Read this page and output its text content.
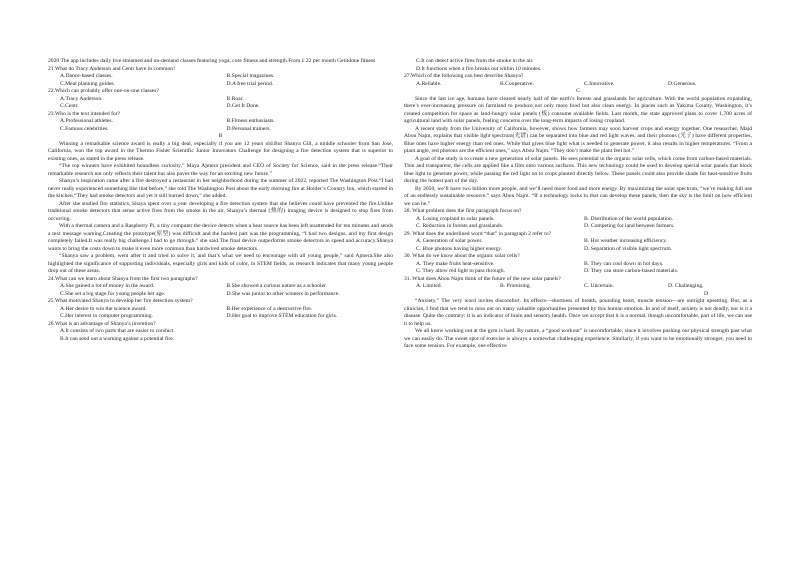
2020 The app includes daily live streamed and on-demand classes featuring yoga, core fitness and strength.From £ 22 per month Getitdone fitness

21.What do Tracy Anderson and Centr have in common?

A.Dance-based classes.	B.Special magazines.
C.Meal planning guides.	D.A free trial period.

22.Which can probably offer one-on-one classes?

A.Tracy Anderson.	B.Roar.
C.Centr.	D.Get It Done.

23.Who is the text intended for?

A.Professional athletes.	B.Fitness enthusiasts.
C.Famous celebrities.	D.Personal trainers.

B

Winning a remarkable science award is really a big deal, especially if you are 12 years old.But Shanya Gill, a middle schooler from San Jose, California, won the top award in the Thermo Fisher Scientific Junior Innovators Challenge for designing a fire detection system that is superior to existing ones, as stated in the press release.

“The top winners have exhibited boundless curiosity,” Maya Ajmera president and CEO of Society for Science, said in the press release.“Their remarkable research not only reflects their talent but also paves the way for an exciting new future.”

Shanya’s inspiration came after a fire destroyed a restaurant in her neighborhood during the summer of 2022, reported The Washington Post.“I had never really experienced something like that before,” she told The Washington Post about the early morning fire at Holder’s Country Inn, which started in the kitchen.“They had smoke detectors and yet it still burned down,” she added.

After she studied fire statistics, Shaya spent over a year developing a fire detection system that she believes could have prevented the fire.Unlike traditional smoke detectors that sense active fires from the smoke in the air, Shanya’s thermal (热的) imaging device is designed to stop fires from occurring.

With a thermal camera and a Raspberry Pi, a tiny computer the device detects when a heat source has been left unattended for ten minutes and sends a text message warning.Creating the prototype(原型) was difficult and the hardest part was the programming, “I had two designs, and my first design completely failed.It was really big challenge.I had to go through.” she said.The final device outperforms smoke detectors in speed and accuracy.Shanya wants to bring the costs down to make it even more common than hardwired smoke detectors.

“Shanya saw a problem, went after it and tried to solve it, and that’s what we need to encourage with all young people,” said Ajmera.She also highlighted the significance of supporting individuals, especially girls and kids of color, in STEM fields, as research indicates that many young people drop out of these areas.

24.What can we learn about Shanya from the first two paragraphs?

A.She gained a lot of money in the award.	B.She showed a curious nature as a schooler.
C.She set a big stage for young people her age.	D.She was junior to other winners in performance.

25.What motivated Shanya to develop her fire detection system?

A.Her desire to win the science award.	B.Her experience of a destructive fire.
C.Her interest in computer programming.	D.Her goal to improve STEM education for girls.

26.What is an advantage of Shanya’s invention?

A.It consists of two parts that are easier to conduct.
B.It can send out a warning against a potential fire.
C.It can detect active fires from the smoke in the air.
D.It functions when a fire breaks out within 10 minutes.

27.Which of the following can best describe Shanya?

A.Reliable.	B.Cooperative.	C.Innovative.	D.Generous.

C

Since the last ice age, humans have cleared nearly half of the earth’s forests and grasslands for agriculture. With the world population expanding, there’s ever-increasing pressure on farmland to produce not only more food but also clean energy. In places such as Yakima County, Washington, it’s created competition for space as land-hungry solar panels (板) consume available fields. Last month, the state approved plans to cover 1,700 acres of agricultural land with solar panels, fueling concerns over the long-term impacts of losing cropland.

A recent study from the University of California, however, shows how farmers may soon harvest crops and energy together. One researcher, Majd Abou Najm, explains that visible light spectrum(光谱) can be separated into blue and red light waves, and their photons (光子) have different properties. Blue ones have higher energy than red ones. While that gives blue light what is needed to generate power, it also results in higher temperatures. “From a plant angle, red photons are the efficient ones,” says Abou Najm. “They don’t make the plant feel hot.”

A goal of the study is to create a new generation of solar panels. He sees potential in the organic solar cells, which come from carbon-based materials. Thin and transparent, the cells are applied like a film onto various surfaces. This new technology could be used to develop special solar panels that block blue light to generate power, while passing the red light on to crops planted directly below. These panels could also provide shade for heat-sensitive fruits during the hottest part of the day.

By 2050, we’ll have two billion more people, and we’ll need more food and more energy. By maximizing the solar spectrum, “we’re making full use of an endlessly sustainable resource,” says Abou Najm. “If a technology locks in that can develop these panels, then the sky is the limit on how efficient we can be.”

28. What problem does the first paragraph focus on?

A. Losing cropland to solar panels.	B. Distribution of the world population.
C. Reduction in forests and grasslands.	D. Competing for land between farmers.

29. What does the underlined word “that” in paragraph 2 refer to?

A. Generation of solar power.	B. Hot weather increasing efficiency.
C. Blue photons having higher energy.	D. Separation of visible light spectrum.

30. What do we know about the organic solar cells?

A. They make fruits heat-sensitive.	B. They can cool down in hot days.
C. They allow red light to pass through.	D. They can store carbon-based materials.

31. What does Abou Najm think of the future of the new solar panels?

A. Limited.	B. Promising.	C. Uncertain.	D. Challenging.

D

“Anxiety.” The very word invites discomfort. Its effects—shortness of breath, pounding heart, muscle tension—are outright upsetting. But, as a clinician, I find that we tend to miss out on many valuable opportunities presented by this human emotion. In and of itself, anxiety is not deadly, nor is it a disease. Quite the contrary: it is an indicator of brain and sensory health. Once we accept that it is a normal, though uncomfortable, part of life, we can use it to help us.

We all know working out at the gym is hard. By nature, a “good workout” is uncomfortable, since it involves pushing our physical strength past what we can easily do. The sweet spot of exercise is always a somewhat challenging experience. Similarly, if you want to be emotionally stronger, you need to face some tension. For example, one effective
